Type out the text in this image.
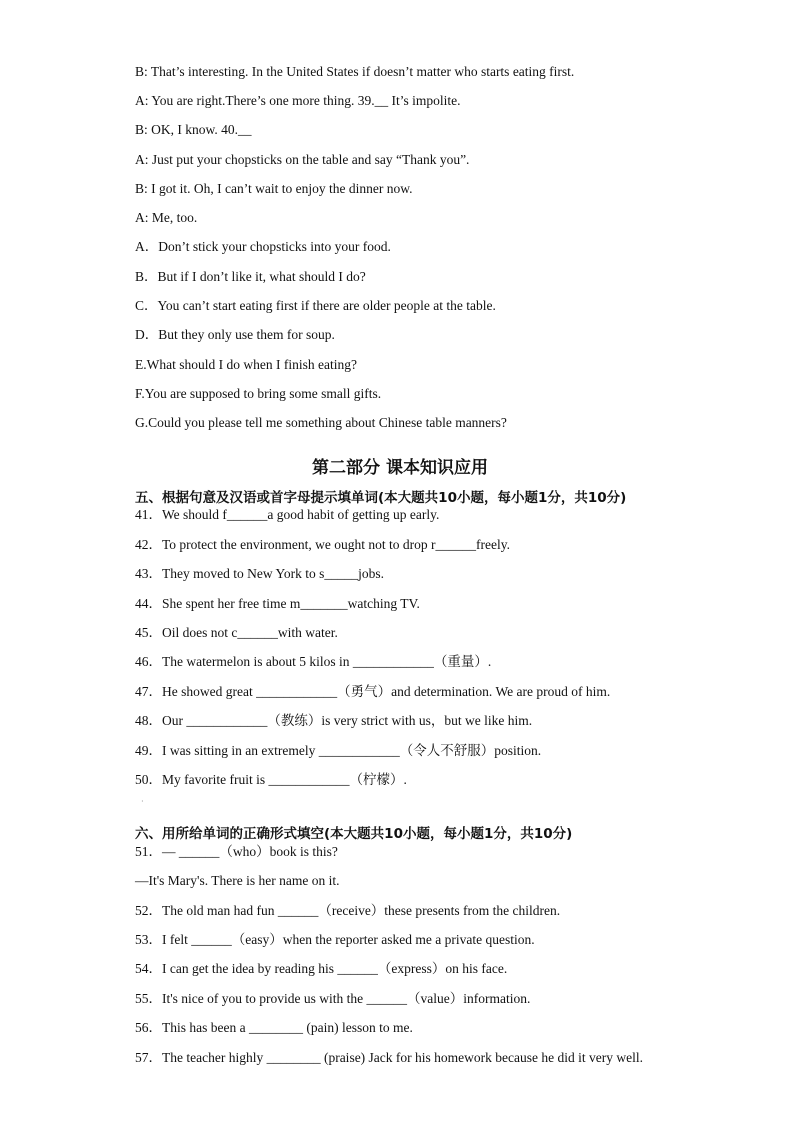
B: That’s interesting. In the United States if doesn’t matter who starts eating first.
A: You are right.There’s one more thing. 39.__ It’s impolite.
B: OK, I know. 40.__
A: Just put your chopsticks on the table and say “Thank you”.
B: I got it. Oh, I can’t wait to enjoy the dinner now.
A: Me, too.
A．Don’t stick your chopsticks into your food.
B．But if I don’t like it, what should I do?
C．You can’t start eating first if there are older people at the table.
D．But they only use them for soup.
E.What should I do when I finish eating?
F.You are supposed to bring some small gifts.
G.Could you please tell me something about Chinese table manners?
第二部分 课本知识应用
五、根据句意及汉语或首字母提示填单词(本大题共10小题，每小题1分，共10分)
41．We should f______a good habit of getting up early.
42．To protect the environment, we ought not to drop r______freely.
43．They moved to New York to s_____jobs.
44．She spent her free time m_______watching TV.
45．Oil does not c______with water.
46．The watermelon is about 5 kilos in ____________（重量）.
47．He showed great ____________（勇气）and determination. We are proud of him.
48．Our ____________（教练）is very strict with us，but we like him.
49．I was sitting in an extremely ____________（令人不舒服）position.
50．My favorite fruit is ____________（柠檬）.
·
六、用所给单词的正确形式填空(本大题共10小题，每小题1分，共10分)
51．— ______（who）book is this?
—It's Mary's. There is her name on it.
52．The old man had fun ______（receive）these presents from the children.
53．I felt ______（easy）when the reporter asked me a private question.
54．I can get the idea by reading his ______（express）on his face.
55．It's nice of you to provide us with the ______（value）information.
56．This has been a ________ (pain) lesson to me.
57．The teacher highly ________ (praise) Jack for his homework because he did it very well.
